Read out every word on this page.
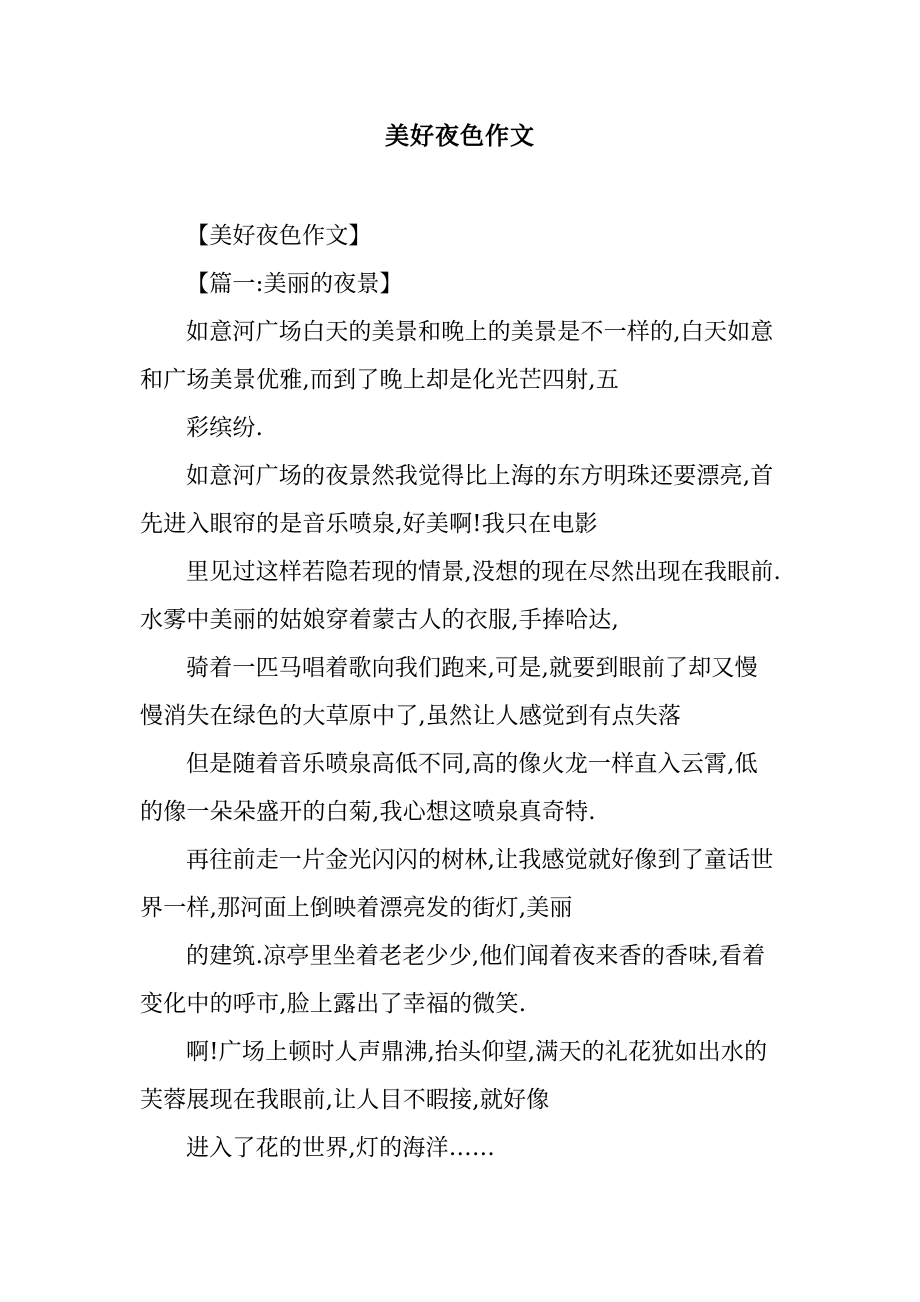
美好夜色作文

【美好夜色作文】

【篇一:美丽的夜景】

如意河广场白天的美景和晚上的美景是不一样的,白天如意
和广场美景优雅,而到了晚上却是化光芒四射,五

彩缤纷.

如意河广场的夜景然我觉得比上海的东方明珠还要漂亮,首
先进入眼帘的是音乐喷泉,好美啊!我只在电影

里见过这样若隐若现的情景,没想的现在尽然出现在我眼前.
水雾中美丽的姑娘穿着蒙古人的衣服,手捧哈达,

骑着一匹马唱着歌向我们跑来,可是,就要到眼前了却又慢
慢消失在绿色的大草原中了,虽然让人感觉到有点失落

但是随着音乐喷泉高低不同,高的像火龙一样直入云霄,低
的像一朵朵盛开的白菊,我心想这喷泉真奇特.

再往前走一片金光闪闪的树林,让我感觉就好像到了童话世
界一样,那河面上倒映着漂亮发的街灯,美丽

的建筑.凉亭里坐着老老少少,他们闻着夜来香的香味,看着
变化中的呼市,脸上露出了幸福的微笑.

啊!广场上顿时人声鼎沸,抬头仰望,满天的礼花犹如出水的
芙蓉展现在我眼前,让人目不暇接,就好像

进入了花的世界,灯的海洋……
